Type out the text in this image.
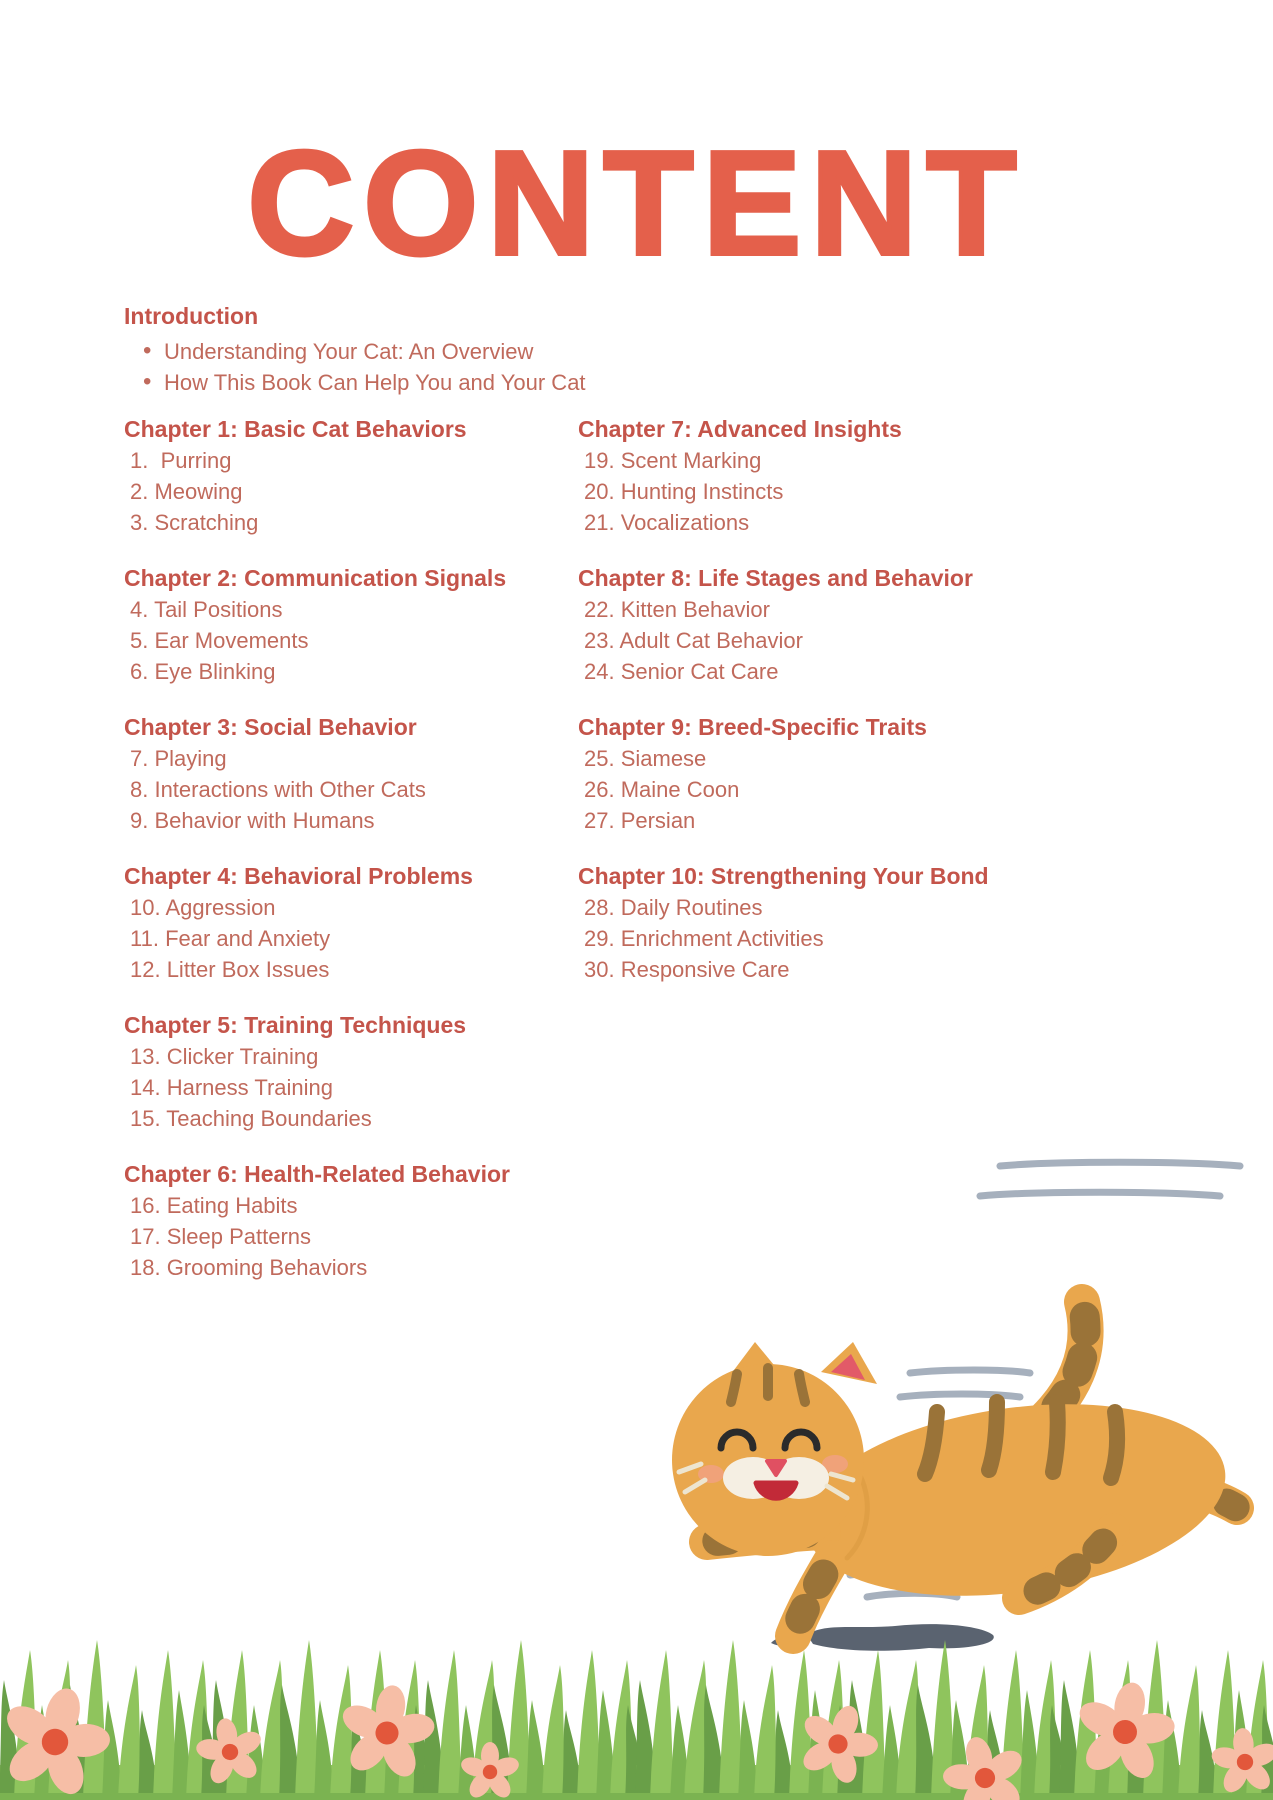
CONTENT
Introduction
• Understanding Your Cat: An Overview
• How This Book Can Help You and Your Cat
Chapter 1: Basic Cat Behaviors
1.  Purring
2. Meowing
3. Scratching
Chapter 2: Communication Signals
4. Tail Positions
5. Ear Movements
6. Eye Blinking
Chapter 3: Social Behavior
7. Playing
8. Interactions with Other Cats
9. Behavior with Humans
Chapter 4: Behavioral Problems
10. Aggression
11. Fear and Anxiety
12. Litter Box Issues
Chapter 5: Training Techniques
13. Clicker Training
14. Harness Training
15. Teaching Boundaries
Chapter 6: Health-Related Behavior
16. Eating Habits
17. Sleep Patterns
18. Grooming Behaviors
Chapter 7: Advanced Insights
19. Scent Marking
20. Hunting Instincts
21. Vocalizations
Chapter 8: Life Stages and Behavior
22. Kitten Behavior
23. Adult Cat Behavior
24. Senior Cat Care
Chapter 9: Breed-Specific Traits
25. Siamese
26. Maine Coon
27. Persian
Chapter 10: Strengthening Your Bond
28. Daily Routines
29. Enrichment Activities
30. Responsive Care
